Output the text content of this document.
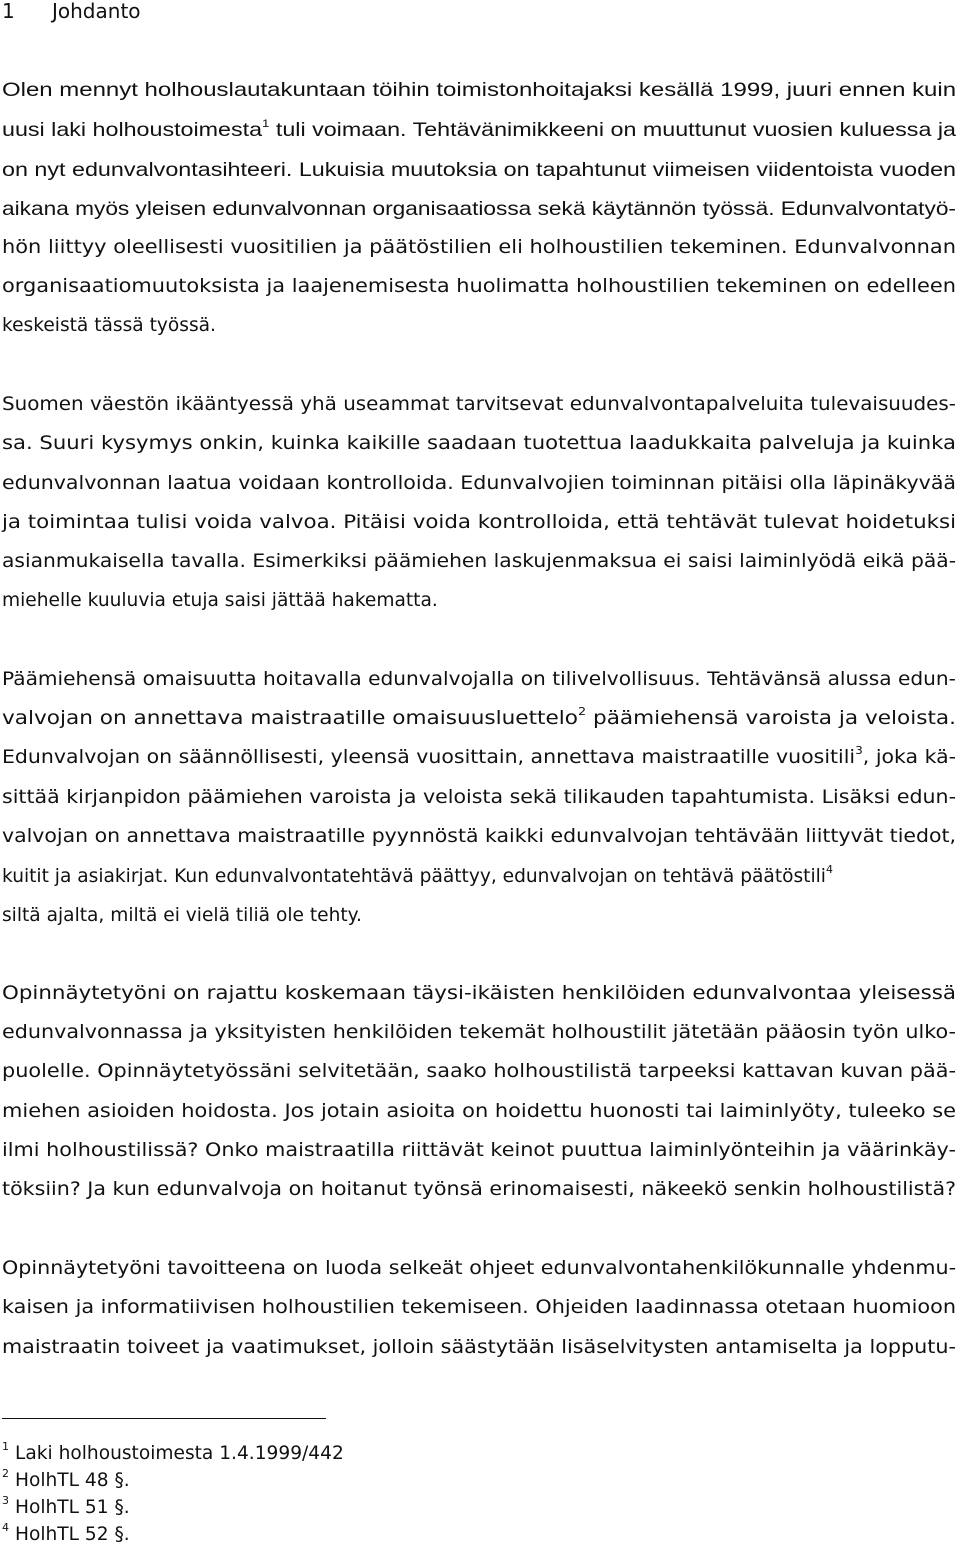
1 Johdanto
Olen mennyt holhouslautakuntaan töihin toimistonhoitajaksi kesällä 1999, juuri ennen kuin
uusi laki holhoustoimesta$^1$ tuli voimaan. Tehtävänimikkeeni on muuttunut vuosien kuluessa ja
on nyt edunvalvontasihteeri. Lukuisia muutoksia on tapahtunut viimeisen viidentoista vuoden
aikana myös yleisen edunvalvonnan organisaatiossa sekä käytännön työssä. Edunvalvontatyö-
hön liittyy oleellisesti vuositilien ja päätöstilien eli holhoustilien tekeminen. Edunvalvonnan
organisaatiomuutoksista ja laajenemisesta huolimatta holhoustilien tekeminen on edelleen
keskeistä tässä työssä.
Suomen väestön ikääntyessä yhä useammat tarvitsevat edunvalvontapalveluita tulevaisuudes-
sa. Suuri kysymys onkin, kuinka kaikille saadaan tuotettua laadukkaita palveluja ja kuinka
edunvalvonnan laatua voidaan kontrolloida. Edunvalvojien toiminnan pitäisi olla läpinäkyvää
ja toimintaa tulisi voida valvoa. Pitäisi voida kontrolloida, että tehtävät tulevat hoidetuksi
asianmukaisella tavalla. Esimerkiksi päämiehen laskujenmaksua ei saisi laiminlyödä eikä pää-
miehelle kuuluvia etuja saisi jättää hakematta.
Päämiehensä omaisuutta hoitavalla edunvalvojalla on tilivelvollisuus. Tehtävänsä alussa edun-
valvojan on annettava maistraatille omaisuusluettelo$^2$ päämiehensä varoista ja veloista.
Edunvalvojan on säännöllisesti, yleensä vuosittain, annettava maistraatille vuositili$^3$, joka kä-
sittää kirjanpidon päämiehen varoista ja veloista sekä tilikauden tapahtumista. Lisäksi edun-
valvojan on annettava maistraatille pyynnöstä kaikki edunvalvojan tehtävään liittyvät tiedot,
kuitit ja asiakirjat. Kun edunvalvontatehtävä päättyy, edunvalvojan on tehtävä päätöstili$^4$
siltä ajalta, miltä ei vielä tiliä ole tehty.
Opinnäytetyöni on rajattu koskemaan täysi-ikäisten henkilöiden edunvalvontaa yleisessä
edunvalvonnassa ja yksityisten henkilöiden tekemät holhoustilit jätetään pääosin työn ulko-
puolelle. Opinnäytetyössäni selvitetään, saako holhoustilistä tarpeeksi kattavan kuvan pää-
miehen asioiden hoidosta. Jos jotain asioita on hoidettu huonosti tai laiminlyöty, tuleeko se
ilmi holhoustilissä? Onko maistraatilla riittävät keinot puuttua laiminlyönteihin ja väärinkäy-
töksiin? Ja kun edunvalvoja on hoitanut työnsä erinomaisesti, näkeekö senkin holhoustilistä?
Opinnäytetyöni tavoitteena on luoda selkeät ohjeet edunvalvontahenkilökunnalle yhdenmu-
kaisen ja informatiivisen holhoustilien tekemiseen. Ohjeiden laadinnassa otetaan huomioon
maistraatin toiveet ja vaatimukset, jolloin säästytään lisäselvitysten antamiselta ja lopputu-
$^1$ Laki holhoustoimesta 1.4.1999/442
$^2$ HolhTL 48 §.
$^3$ HolhTL 51 §.
$^4$ HolhTL 52 §.
